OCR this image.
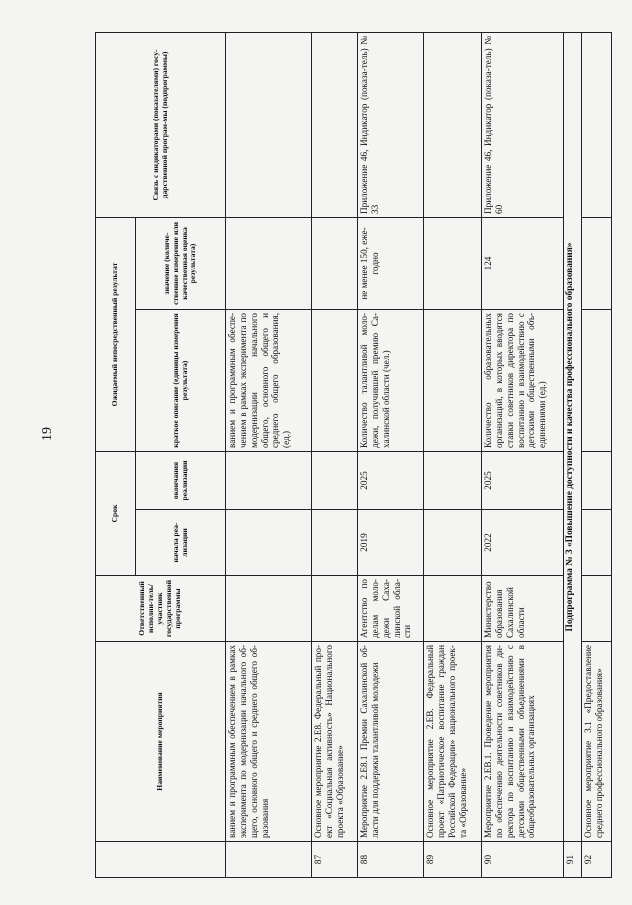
19
	Наименование мероприятия	Ответственный исполни-тель/участник государственной программы	Срок		Ожидаемый непосредственный результат		Связь с индикаторами (показателями) госу-дарственной програм-мы (подпрограммы)
			начала реа-лизации	окончания реализации	краткое описание (единицы измерения результата)	значение (количе-ственное измерение или качественная оценка результата)	
	ванием и программным обеспечением в рамках эксперимента по модернизации начального об-щего, основного общего и среднего общего об-разования				ванием и программным обеспе-чением в рамках эксперимента по модернизации начального общего, основного общего и среднего общего образования, (ед.)		
87	Основное мероприятие 2.Е8. Федеральный про-ект «Социальная активность» Национального проекта «Образование»						
88	Мероприятие 2.Е8.1 Премии Сахалинской об-ласти для поддержки талантливой молодежи	Агентство по делам моло-дежи Саха-линской обла-сти	2019	2025	Количество талантливой моло-дежи, получившей премию Са-халинской области (чел.)	не менее 150, еже-годно	Приложение 46, Индикатор (показа-тель) № 33
89	Основное мероприятие 2.ЕВ. Федеральный проект «Патриотическое воспитание граждан Российской Федерации» национального проек-та «Образование»						
90	Мероприятие 2.ЕВ.1. Проведение мероприятия по обеспечению деятельности советников ди-ректора по воспитанию и взаимодействию с детскими общественными объединениями в общеобразовательных организациях	Министерство образования Сахалинской области	2022	2025	Количество образовательных организаций, в которых вводятся ставки советников директора по воспитанию и взаимодействию с детскими общественными объ-единениями (ед.)	124	Приложение 46, Индикатор (показа-тель) № 60
91	Подпрограмма № 3 «Повышение доступности и качества профессионального образования»						
92	Основное мероприятие 3.1 «Предоставление среднего профессионального образования»						
